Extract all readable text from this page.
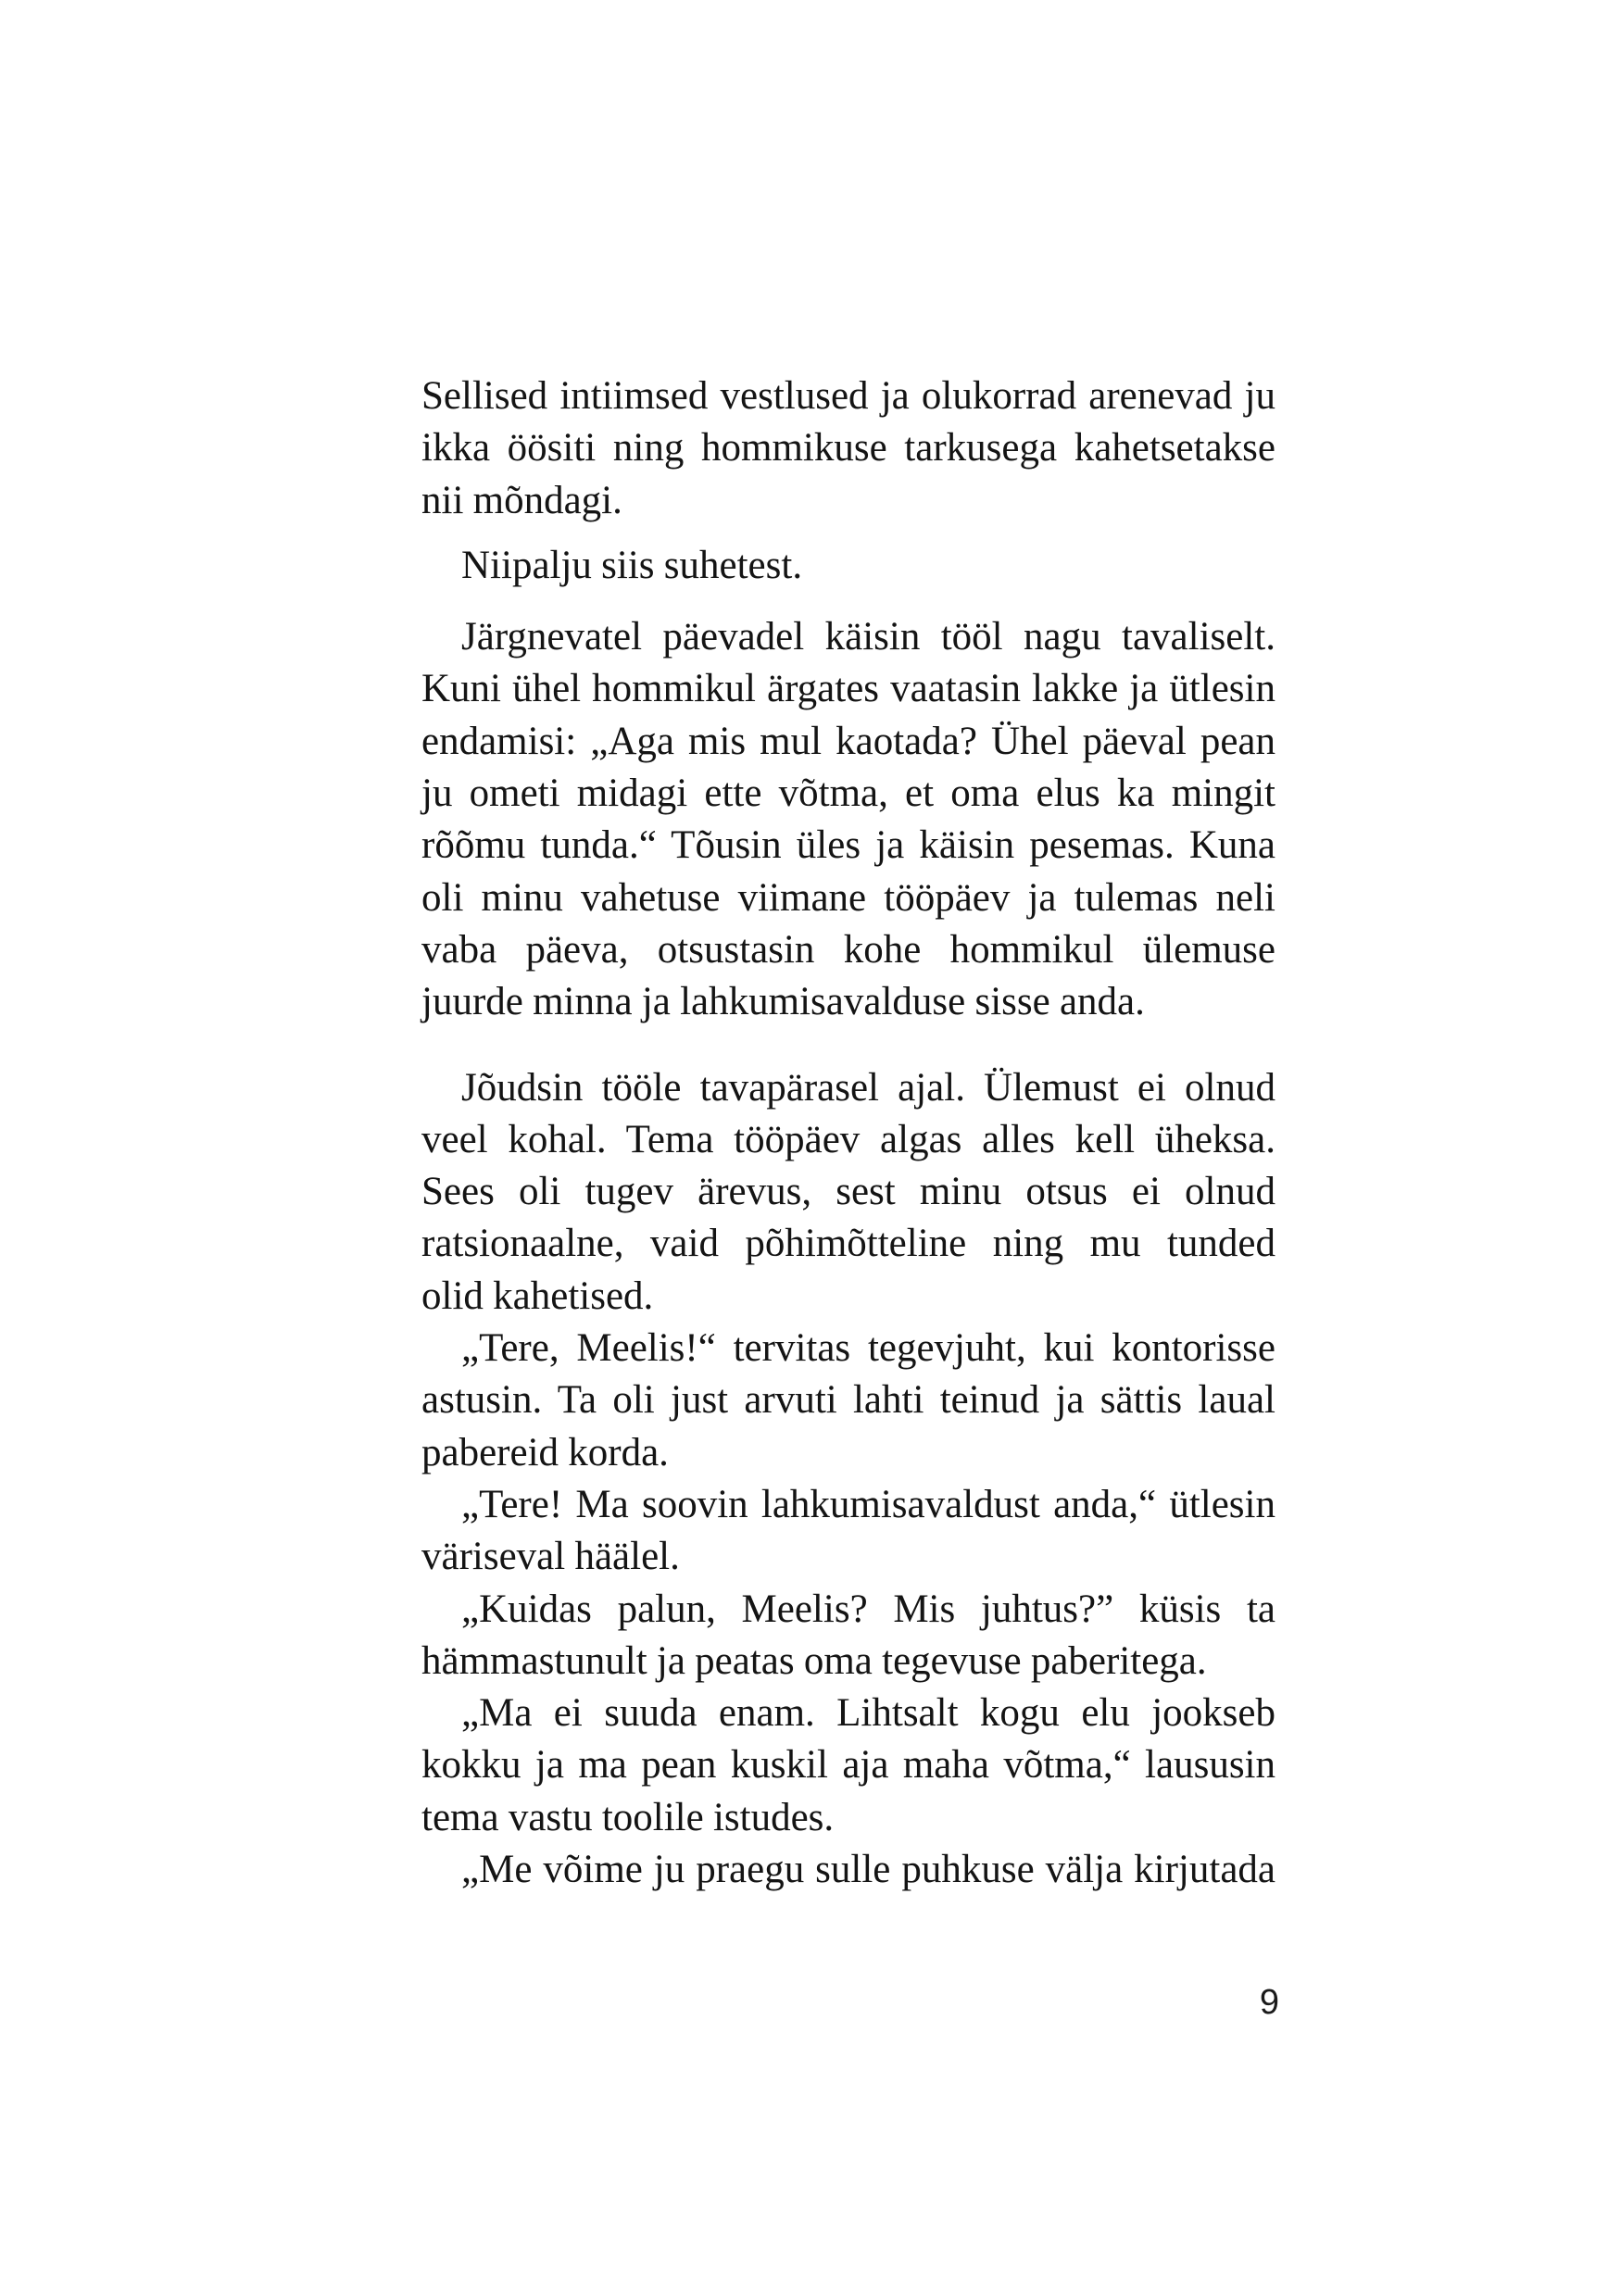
Sellised intiimsed vestlused ja olukorrad arenevad ju
ikka öösiti ning hommikuse tarkusega kahetsetakse
nii mõndagi.
Niipalju siis suhetest.
Järgnevatel päevadel käisin tööl nagu tavaliselt.
Kuni ühel hommikul ärgates vaatasin lakke ja ütlesin
endamisi: „Aga mis mul kaotada? Ühel päeval pean
ju ometi midagi ette võtma, et oma elus ka mingit
rõõmu tunda.“ Tõusin üles ja käisin pesemas. Kuna
oli minu vahetuse viimane tööpäev ja tulemas neli
vaba päeva, otsustasin kohe hommikul ülemuse
juurde minna ja lahkumisavalduse sisse anda.
Jõudsin tööle tavapärasel ajal. Ülemust ei olnud
veel kohal. Tema tööpäev algas alles kell üheksa.
Sees oli tugev ärevus, sest minu otsus ei olnud
ratsionaalne, vaid põhimõtteline ning mu tunded
olid kahetised.
„Tere, Meelis!“ tervitas tegevjuht, kui kontorisse
astusin. Ta oli just arvuti lahti teinud ja sättis laual
pabereid korda.
„Tere! Ma soovin lahkumisavaldust anda,“ ütlesin
väriseval häälel.
„Kuidas palun, Meelis? Mis juhtus?” küsis ta
hämmastunult ja peatas oma tegevuse paberitega.
„Ma ei suuda enam. Lihtsalt kogu elu jookseb
kokku ja ma pean kuskil aja maha võtma,“ laususin
tema vastu toolile istudes.
„Me võime ju praegu sulle puhkuse välja kirjutada
9
